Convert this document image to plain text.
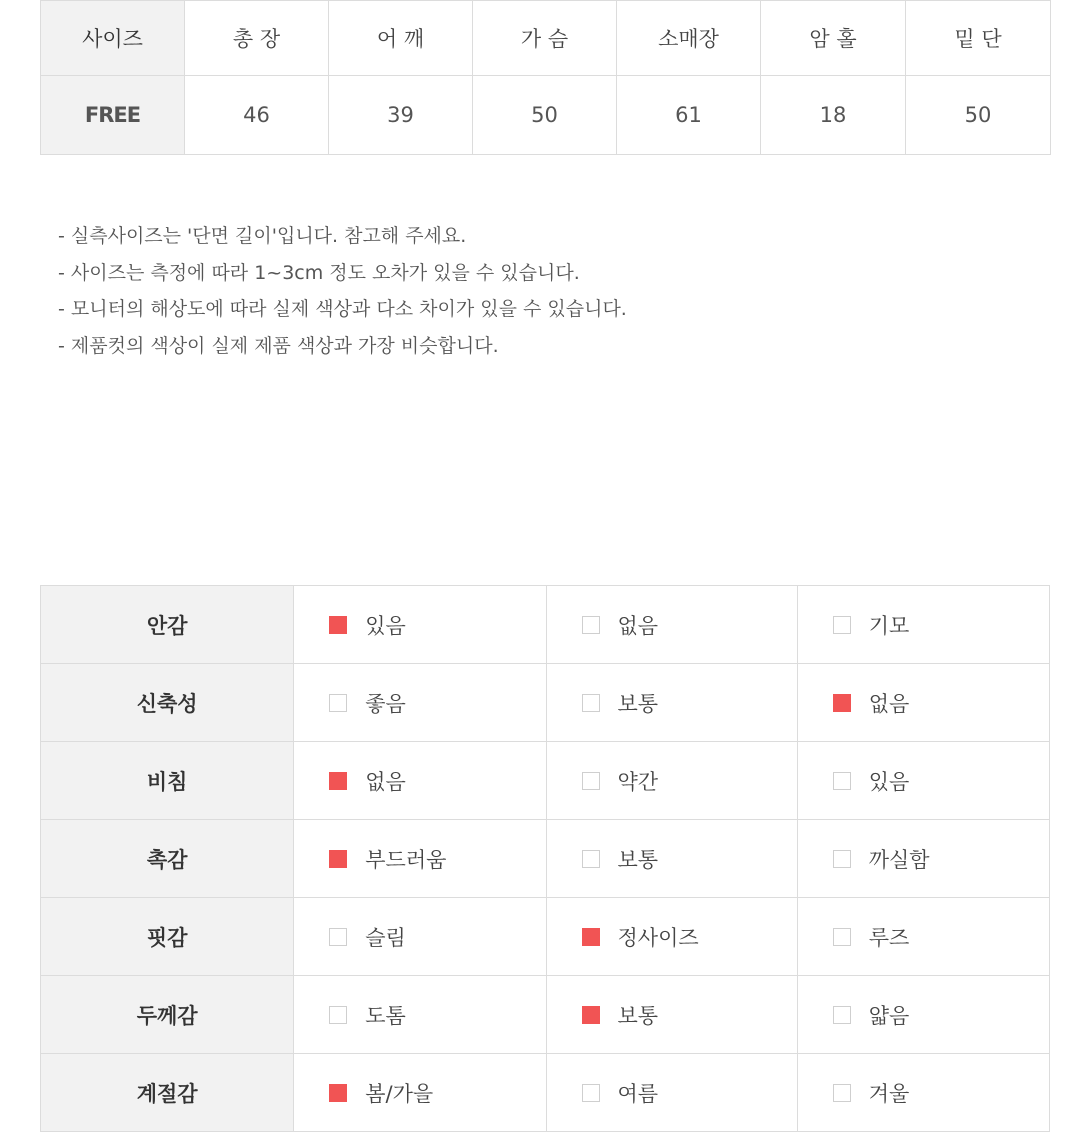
사이즈	총 장	어 깨	가 슴	소매장	암 홀	밑 단
FREE	46	39	50	61	18	50
- 실측사이즈는 '단면 길이'입니다. 참고해 주세요.
- 사이즈는 측정에 따라 1~3cm 정도 오차가 있을 수 있습니다.
- 모니터의 해상도에 따라 실제 색상과 다소 차이가 있을 수 있습니다.
- 제품컷의 색상이 실제 제품 색상과 가장 비슷합니다.
안감	있음	없음	기모

신축성	좋음	보통	없음

비침	없음	약간	있음

촉감	부드러움	보통	까실함

핏감	슬림	정사이즈	루즈

두께감	도톰	보통	얇음

계절감	봄/가을	여름	겨울
